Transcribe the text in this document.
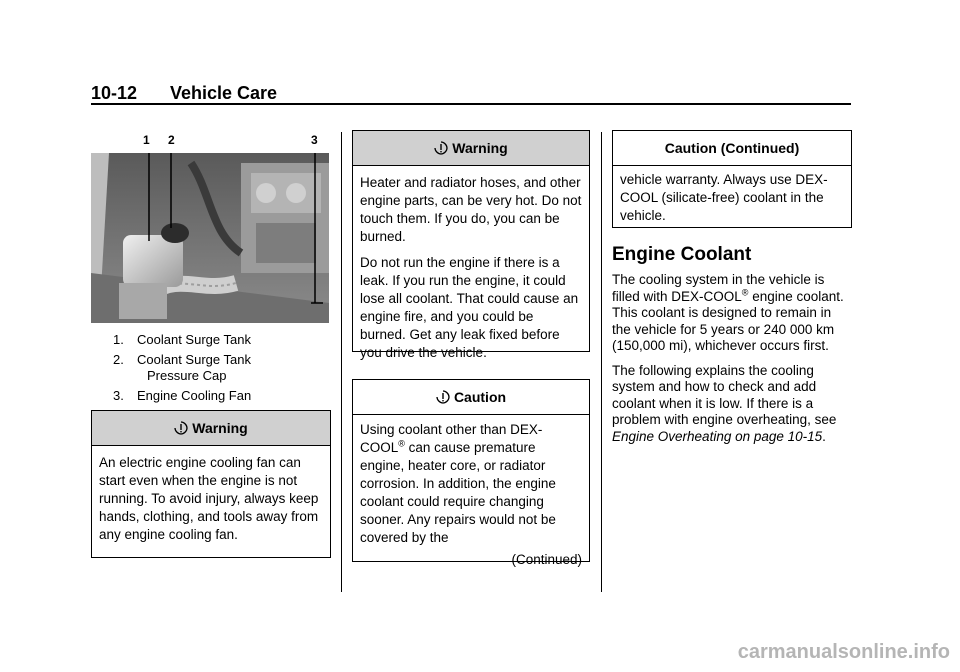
10-12 Vehicle Care
1 2	3
1. Coolant Surge Tank
2. Coolant Surge Tank
Pressure Cap
3. Engine Cooling Fan
Warning

An electric engine cooling fan can start even when the engine is not running. To avoid injury, always keep hands, clothing, and tools away from any engine cooling fan.

Warning

Heater and radiator hoses, and other engine parts, can be very hot. Do not touch them. If you do, you can be burned.

Do not run the engine if there is a leak. If you run the engine, it could lose all coolant. That could cause an engine fire, and you could be burned. Get any leak fixed before you drive the vehicle.

Caution
Using coolant other than DEX-COOL® can cause premature engine, heater core, or radiator corrosion. In addition, the engine coolant could require changing sooner. Any repairs would not be covered by the
(Continued)
Caution (Continued)

vehicle warranty. Always use DEX-COOL (silicate-free) coolant in the vehicle.

Engine Coolant

The cooling system in the vehicle is filled with DEX-COOL® engine coolant. This coolant is designed to remain in the vehicle for 5 years or 240 000 km (150,000 mi), whichever occurs first.

The following explains the cooling system and how to check and add coolant when it is low. If there is a problem with engine overheating, see Engine Overheating on page 10-15.

carmanualsonline.info
